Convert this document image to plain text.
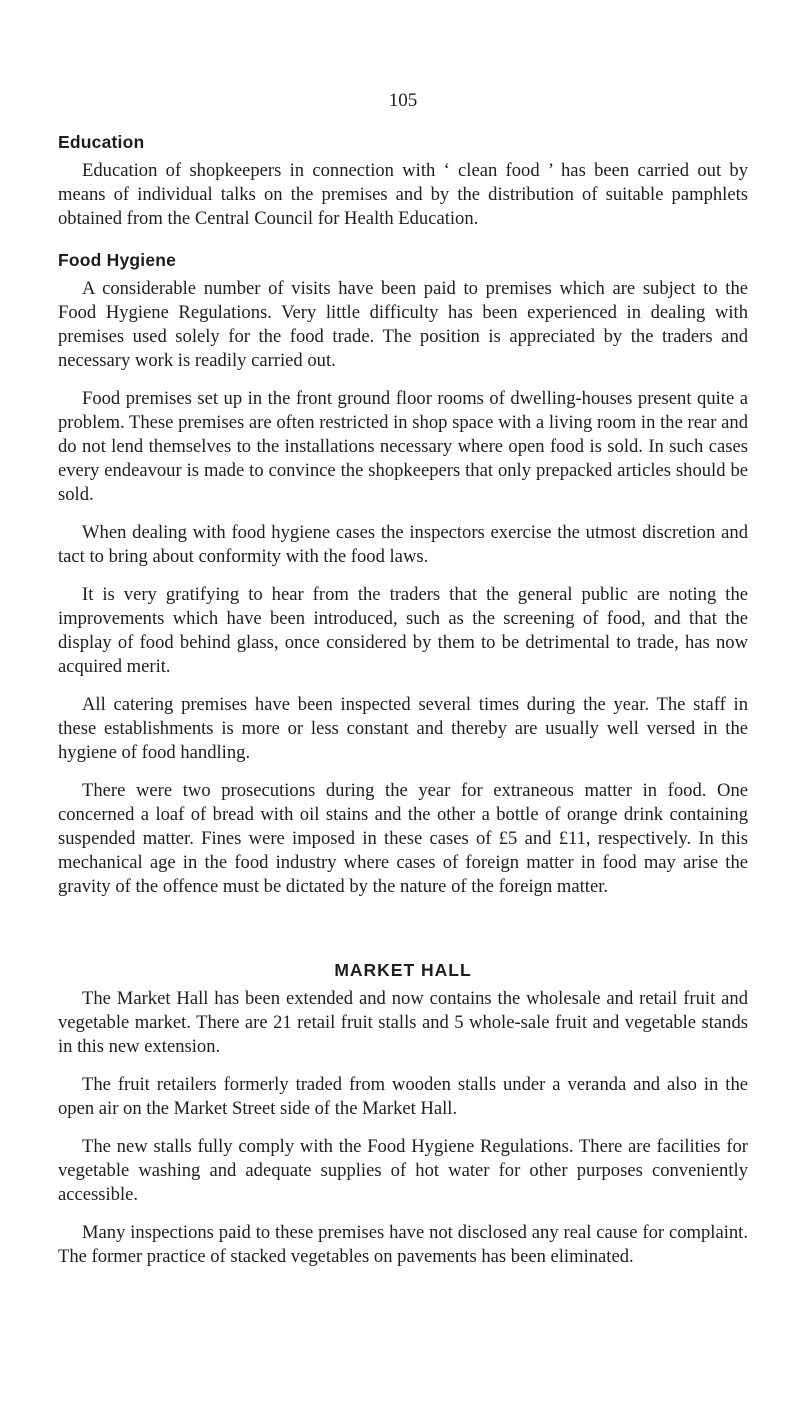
105
Education

Education of shopkeepers in connection with ‘ clean food ’ has been carried out by means of individual talks on the premises and by the distribution of suitable pamphlets obtained from the Central Council for Health Education.

Food Hygiene

A considerable number of visits have been paid to premises which are subject to the Food Hygiene Regulations. Very little difficulty has been experienced in dealing with premises used solely for the food trade. The position is appreciated by the traders and necessary work is readily carried out.

Food premises set up in the front ground floor rooms of dwelling-houses present quite a problem. These premises are often restricted in shop space with a living room in the rear and do not lend themselves to the installations necessary where open food is sold. In such cases every endeavour is made to convince the shopkeepers that only prepacked articles should be sold.

When dealing with food hygiene cases the inspectors exercise the utmost discretion and tact to bring about conformity with the food laws.

It is very gratifying to hear from the traders that the general public are noting the improvements which have been introduced, such as the screening of food, and that the display of food behind glass, once considered by them to be detrimental to trade, has now acquired merit.

All catering premises have been inspected several times during the year. The staff in these establishments is more or less constant and thereby are usually well versed in the hygiene of food handling.

There were two prosecutions during the year for extraneous matter in food. One concerned a loaf of bread with oil stains and the other a bottle of orange drink containing suspended matter. Fines were imposed in these cases of £5 and £11, respectively. In this mechanical age in the food industry where cases of foreign matter in food may arise the gravity of the offence must be dictated by the nature of the foreign matter.

MARKET HALL

The Market Hall has been extended and now contains the wholesale and retail fruit and vegetable market. There are 21 retail fruit stalls and 5 whole-sale fruit and vegetable stands in this new extension.

The fruit retailers formerly traded from wooden stalls under a veranda and also in the open air on the Market Street side of the Market Hall.

The new stalls fully comply with the Food Hygiene Regulations. There are facilities for vegetable washing and adequate supplies of hot water for other purposes conveniently accessible.

Many inspections paid to these premises have not disclosed any real cause for complaint. The former practice of stacked vegetables on pavements has been eliminated.
